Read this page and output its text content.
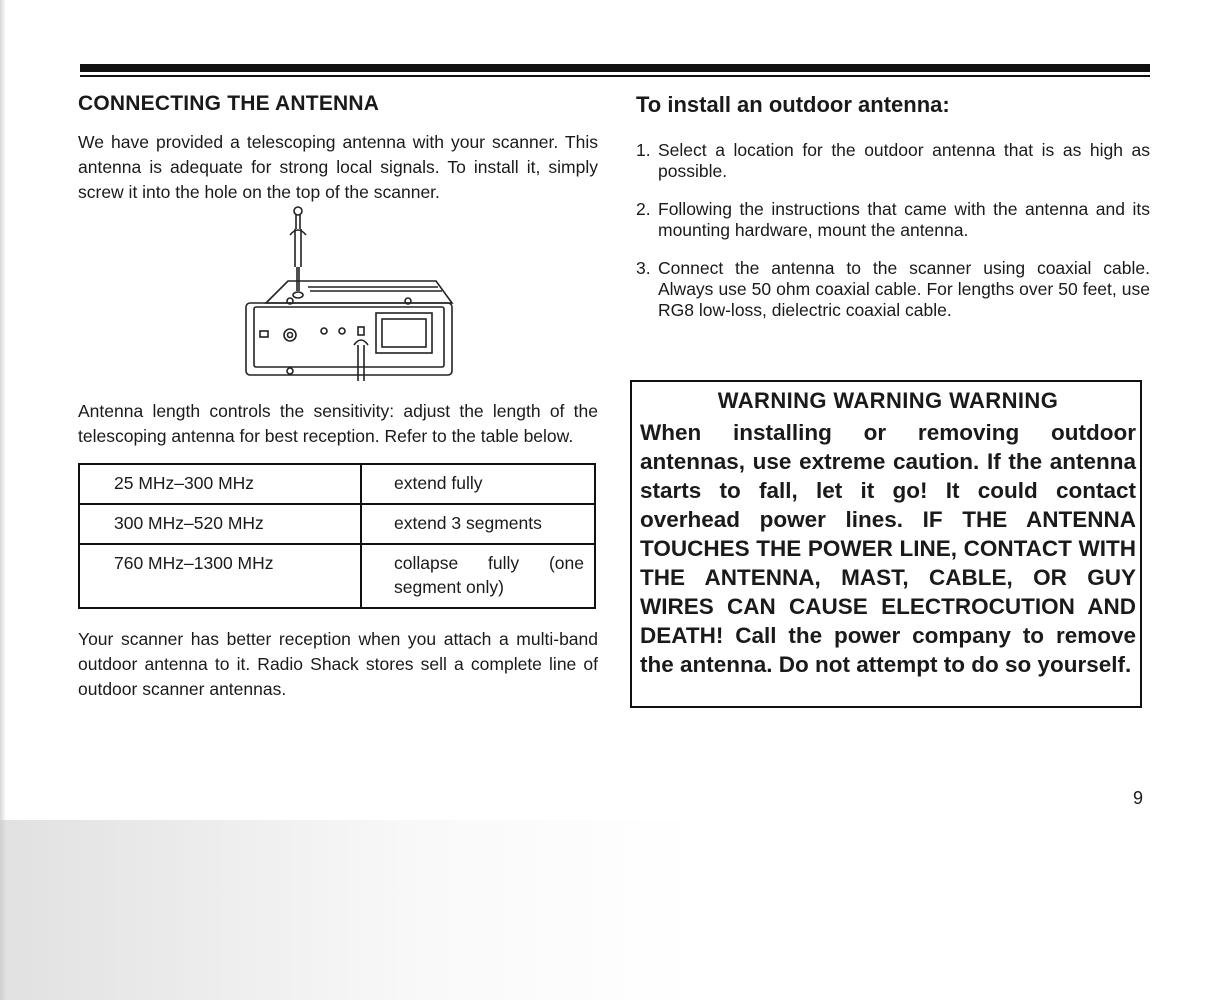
CONNECTING THE ANTENNA

We have provided a telescoping antenna with your scanner. This antenna is adequate for strong local signals. To install it, simply screw it into the hole on the top of the scanner.

Antenna length controls the sensitivity: adjust the length of the telescoping antenna for best reception. Refer to the table below.

25 MHz–300 MHz	extend fully
300 MHz–520 MHz	extend 3 segments
760 MHz–1300 MHz	collapse fully (one segment only)

Your scanner has better reception when you attach a multi-band outdoor antenna to it. Radio Shack stores sell a complete line of outdoor scanner antennas.

To install an outdoor antenna:
1. Select a location for the outdoor antenna that is as high as possible.
2. Following the instructions that came with the antenna and its mounting hardware, mount the antenna.
3. Connect the antenna to the scanner using coaxial cable. Always use 50 ohm coaxial cable. For lengths over 50 feet, use RG8 low-loss, dielectric coaxial cable.
WARNING WARNING WARNING
When installing or removing outdoor antennas, use extreme caution. If the antenna starts to fall, let it go! It could contact overhead power lines. IF THE ANTENNA TOUCHES THE POWER LINE, CONTACT WITH THE ANTENNA, MAST, CABLE, OR GUY WIRES CAN CAUSE ELECTROCUTION AND DEATH! Call the power company to remove the antenna. Do not attempt to do so yourself.
9
